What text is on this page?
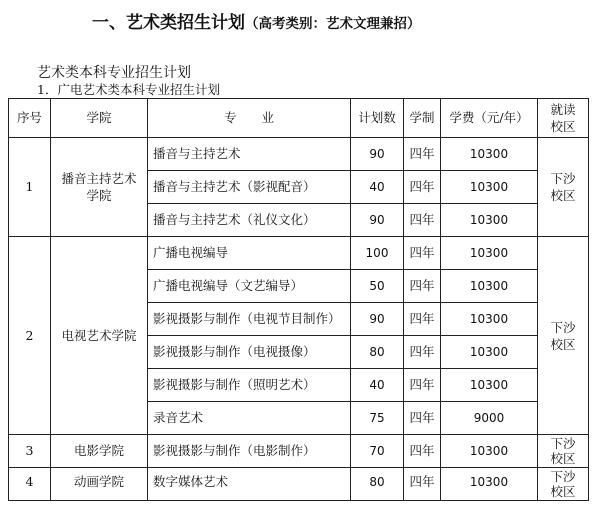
一、艺术类招生计划（高考类别：艺术文理兼招）
艺术类本科专业招生计划
1．广电艺术类本科专业招生计划
序号	学院	专　　业	计划数	学制	学费（元/年）	就读校区
1	播音主持艺术学院	播音与主持艺术	90	四年	10300	下沙校区
		播音与主持艺术（影视配音）	40	四年	10300	
		播音与主持艺术（礼仪文化）	90	四年	10300	
2	电视艺术学院	广播电视编导	100	四年	10300	下沙校区
		广播电视编导（文艺编导）	50	四年	10300	
		影视摄影与制作（电视节目制作）	90	四年	10300	
		影视摄影与制作（电视摄像）	80	四年	10300	
		影视摄影与制作（照明艺术）	40	四年	10300	
		录音艺术	75	四年	9000	
3	电影学院	影视摄影与制作（电影制作）	70	四年	10300	下沙校区
4	动画学院	数字媒体艺术	80	四年	10300	下沙校区
